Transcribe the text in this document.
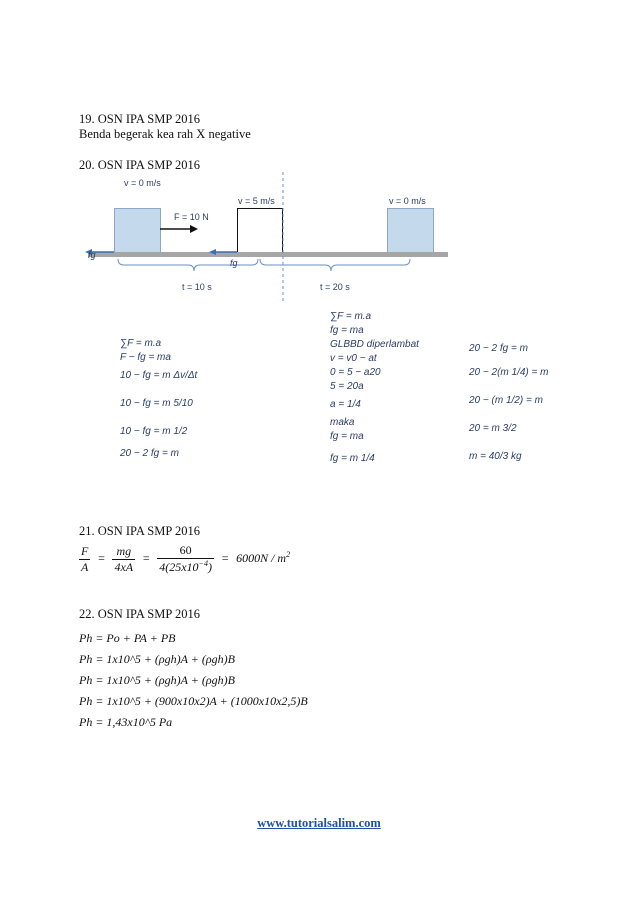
19. OSN IPA SMP 2016
Benda begerak kea rah X negative
20. OSN IPA SMP 2016
v = 0 m/s
v = 5 m/s	v = 0 m/s
F = 10 N
fg
fg
t = 10 s	t = 20 s
∑F = m.a
F − fg = ma
10 − fg = m Δv/Δt
10 − fg = m 5/10
10 − fg = m 1/2
20 − 2 fg = m
∑F = m.a
fg = ma
GLBBD diperlambat
v = v0 − at
0 = 5 − a20
5 = 20a
a = 1/4
maka
fg = ma
fg = m 1/4
20 − 2 fg = m
20 − 2(m 1/4) = m
20 − (m 1/2) = m
20 = m 3/2
m = 40/3 kg
21. OSN IPA SMP 2016
$\frac{F}{A} = \frac{mg}{4xA} = \frac{60}{4(25x10^{-4})} = 6000N / m^2$
22. OSN IPA SMP 2016
Ph = Po + PA + PB
Ph = 1x10^5 + (ρgh)A + (ρgh)B
Ph = 1x10^5 + (ρgh)A + (ρgh)B
Ph = 1x10^5 + (900x10x2)A + (1000x10x2,5)B
Ph = 1,43x10^5 Pa
www.tutorialsalim.com
